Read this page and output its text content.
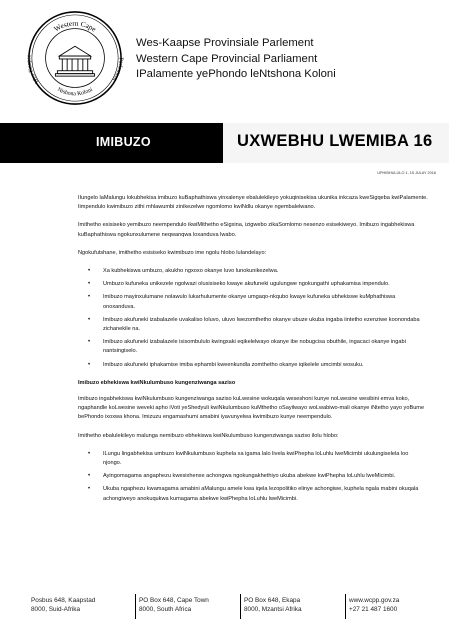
Western Cape
Wes-Kaapse
Parlement
Nishona Koloni
Wes-Kaapse Provinsiale Parlement
Western Cape Provincial Parliament
IPalamente yePhondo leNtshona Koloni
IMIBUZO	UXWEBHU LWEMIBA 16
UPHIBHULIJLO 1, 15 JULAY 2016

IIungelo laMalungu lokubhekisa imibuzo kuBaphathiswa yinxalenye ebalulekileyo yokuqinisekisa ukunika inkcaza kweSigqeba kwiPalamente. Iimpendulo kwimibuzo zithi mhlawumbi zinikezelwe ngomlomo kwiNdlu okanye ngembalelwano.

Imithetho esisiseko yemibuzo neempendulo ikwiMithetho eSigxina, izigwebo zikaSomlomo nesenzo esisekiweyo. Imibuzo ingabhekiswa kuBaphathiswa ngokunxulumene neqwanqwa loxanduva lwabo.

Ngokufutshane, imithetho esisiseko kwimibuzo ime ngolu hlobo lulandelayo:

• Xa kubhekiswa umbuzo, akukho ngxoxo okanye luvo lunokunikezelwa.
• Umbuzo kufuneka unikezele ngolwazi olusisiseko kwaye akufuneki ugulungwe ngokungathi uphakamisa impendulo.
• Imibuzo mayinxulumane nolawulo lukarhulumente okanye umgaqo-nkqubo kwaye kufuneka ubhekiswe kuMphathiswa onoxanduva.
• Imibuzo akufuneki izabalazele uvakaliso loluvo, uluvo lwezomthetho okanye ubuze ukuba ingaba iintetho ezenziwe koonondaba zichanekile na.
• Imibuzo akufuneki izabalazele isisombululo kwingxaki eqikelelwayo okanye ibe nobugcisa obuthile, ingacaci okanye ingabi nantsingiselo.
• Imibuzo akufuneki iphakamise imiba ephambi kweenkundla zomthetho okanye iqikelele umcimbi wosuku.

Imibuzo ebhekiswa kwiNkulumbuso kungenziwanga saziso

Imibuzo ingabhekiswa kwiNkulumbuso kungenziwanga saziso kuLwesine wokuqala weseshoni kunye noLwesine wesibini emva koko, ngaphandle koLwesine weveki apho iVoti yeShedyuli kwiNkulumbuso kuMthetho oSayilwayo woLwabiwo-mali okanye iNtetho yayo yoBume bePhondo ixoxwa khona. Imizuzu engamashumi amabini iyavunyelwa kwimibuzo kunye neempendulo.

Imithetho ebalulekileyo malunga nemibuzo ebhekiswa kwiNkulumbuso kungenziwanga saziso ilolu hlobo:

• ILungu lingabhekisa umbuzo kwiNkulumbuso kuphela xa igama lalo livela kwiPhepha loLuhlu lweMicimbi ukulungiselela loo njongo.
• Ayingomagama angaphezu kwesixhenxe achongwa ngokungakhethiyo ukuba abekwe kwiPhepha loLuhlu lweMicimbi.
• Ukuba ngaphezu kwamagama amabini aMalungu amele kwa iqela lezopolitiko elinye achongiwe, kuphela ngala mabini okuqala achongiweyo anokuqukwa kumagama abekwe kwiPhepha loLuhlu lweMicimbi.
Posbus 648, Kaapstad
8000, Suid-Afrika
PO Box 648, Cape Town
8000, South Africa
PO Box 648, Ekapa
8000, Mzantsi Afrika
www.wcpp.gov.za
+27 21 487 1600
